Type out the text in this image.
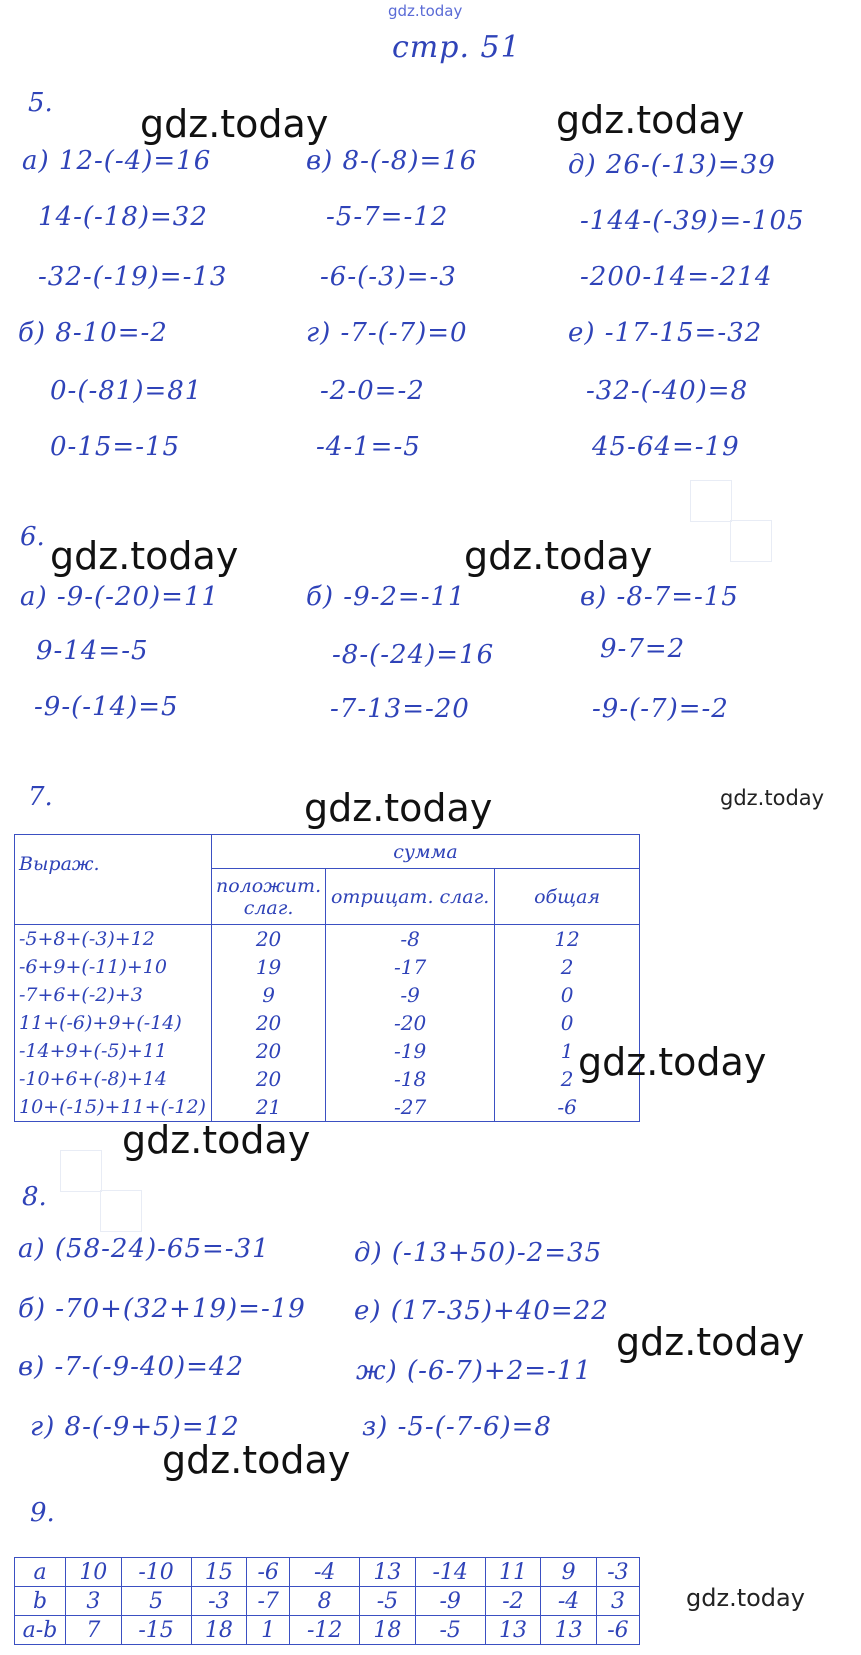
gdz.today
стр. 51
5. gdz.today	gdz.today
а) 12-(-4)=16
14-(-18)=32
-32-(-19)=-13
б) 8-10=-2
0-(-81)=81
0-15=-15
в) 8-(-8)=16
-5-7=-12
-6-(-3)=-3
г) -7-(-7)=0
-2-0=-2
-4-1=-5
д) 26-(-13)=39
-144-(-39)=-105
-200-14=-214
е) -17-15=-32
-32-(-40)=8
45-64=-19
6. gdz.today	gdz.today
а) -9-(-20)=11
9-14=-5
-9-(-14)=5
б) -9-2=-11
-8-(-24)=16
-7-13=-20
в) -8-7=-15
9-7=2
-9-(-7)=-2
7.	gdz.today	gdz.today
Выраж.	сумма		
	положит. слаг.	отрицат. слаг.	общая
-5+8+(-3)+12	20	-8	12
-6+9+(-11)+10	19	-17	2
-7+6+(-2)+3	9	-9	0
11+(-6)+9+(-14)	20	-20	0
-14+9+(-5)+11	20	-19	1
-10+6+(-8)+14	20	-18	2
10+(-15)+11+(-12)	21	-27	-6
gdz.today
gdz.today
8.
а) (58-24)-65=-31
б) -70+(32+19)=-19
в) -7-(-9-40)=42
г) 8-(-9+5)=12
д) (-13+50)-2=35
е) (17-35)+40=22
ж) (-6-7)+2=-11
з) -5-(-7-6)=8
gdz.today
gdz.today
9.
a	10	-10	15	-6	-4	13	-14	11	9	-3
b	3	5	-3	-7	8	-5	-9	-2	-4	3
a-b	7	-15	18	1	-12	18	-5	13	13	-6
gdz.today
